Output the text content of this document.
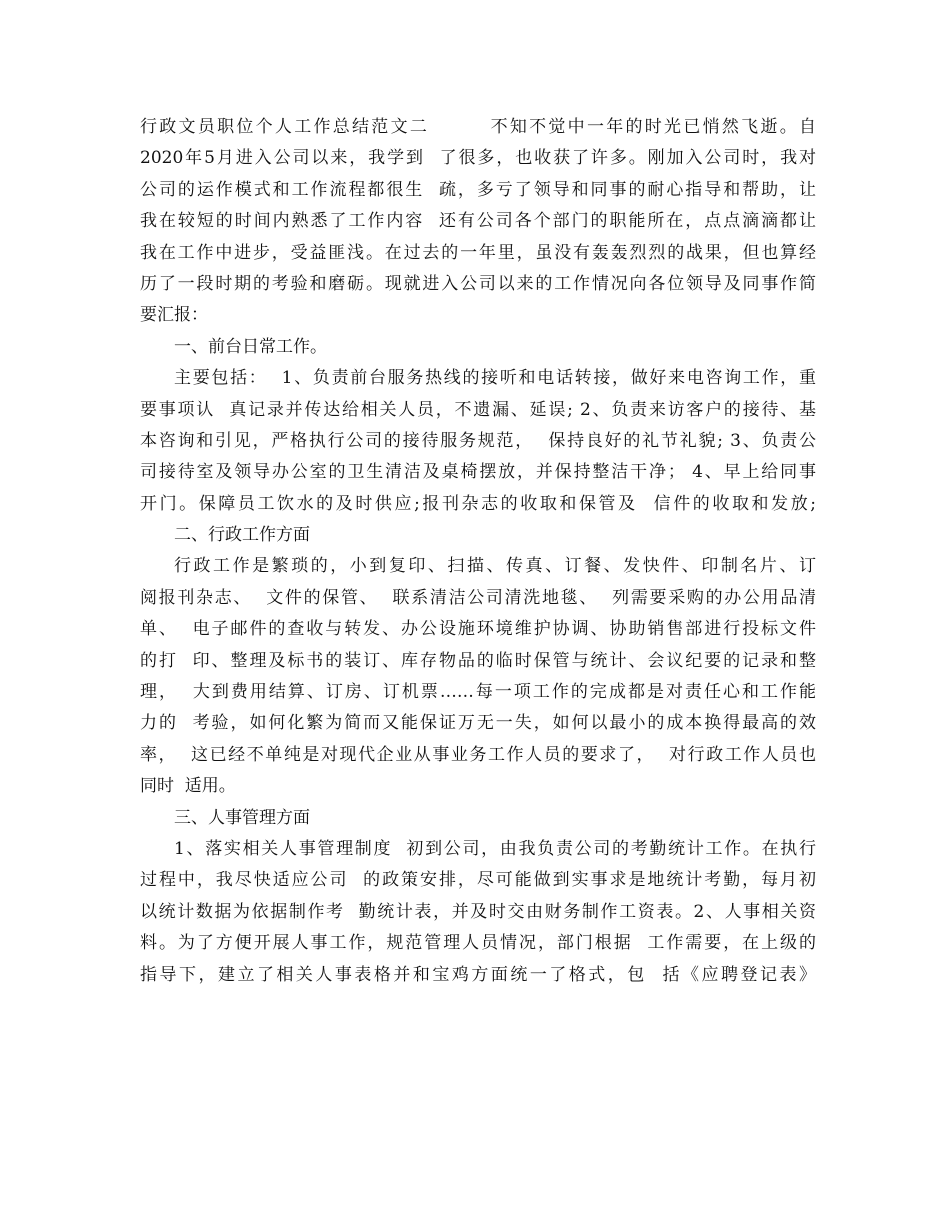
行政文员职位个人工作总结范文二        不知不觉中一年的时光已悄然飞逝。自
2020年5月进入公司以来，我学到  了很多，也收获了许多。刚加入公司时，我对
公司的运作模式和工作流程都很生  疏，多亏了领导和同事的耐心指导和帮助，让
我在较短的时间内熟悉了工作内容  还有公司各个部门的职能所在，点点滴滴都让
我在工作中进步，受益匪浅。在过去的一年里，虽没有轰轰烈烈的战果，但也算经
历了一段时期的考验和磨砺。现就进入公司以来的工作情况向各位领导及同事作简
要汇报：
一、前台日常工作。
主要包括：  1、负责前台服务热线的接听和电话转接，做好来电咨询工作，重
要事项认  真记录并传达给相关人员，不遗漏、延误; 2、负责来访客户的接待、基
本咨询和引见，严格执行公司的接待服务规范，  保持良好的礼节礼貌; 3、负责公
司接待室及领导办公室的卫生清洁及桌椅摆放，并保持整洁干净； 4、早上给同事
开门。保障员工饮水的及时供应;报刊杂志的收取和保管及  信件的收取和发放;
二、行政工作方面
行政工作是繁琐的，小到复印、扫描、传真、订餐、发快件、印制名片、订
阅报刊杂志、  文件的保管、  联系清洁公司清洗地毯、  列需要采购的办公用品清
单、  电子邮件的查收与转发、办公设施环境维护协调、协助销售部进行投标文件
的打  印、整理及标书的装订、库存物品的临时保管与统计、会议纪要的记录和整
理，  大到费用结算、订房、订机票……每一项工作的完成都是对责任心和工作能
力的  考验，如何化繁为简而又能保证万无一失，如何以最小的成本换得最高的效
率，  这已经不单纯是对现代企业从事业务工作人员的要求了，  对行政工作人员也
同时  适用。
三、人事管理方面
1、落实相关人事管理制度  初到公司，由我负责公司的考勤统计工作。在执行
过程中，我尽快适应公司  的政策安排，尽可能做到实事求是地统计考勤，每月初
以统计数据为依据制作考  勤统计表，并及时交由财务制作工资表。2、人事相关资
料。为了方便开展人事工作，规范管理人员情况，部门根据  工作需要，在上级的
指导下，建立了相关人事表格并和宝鸡方面统一了格式，包  括《应聘登记表》
